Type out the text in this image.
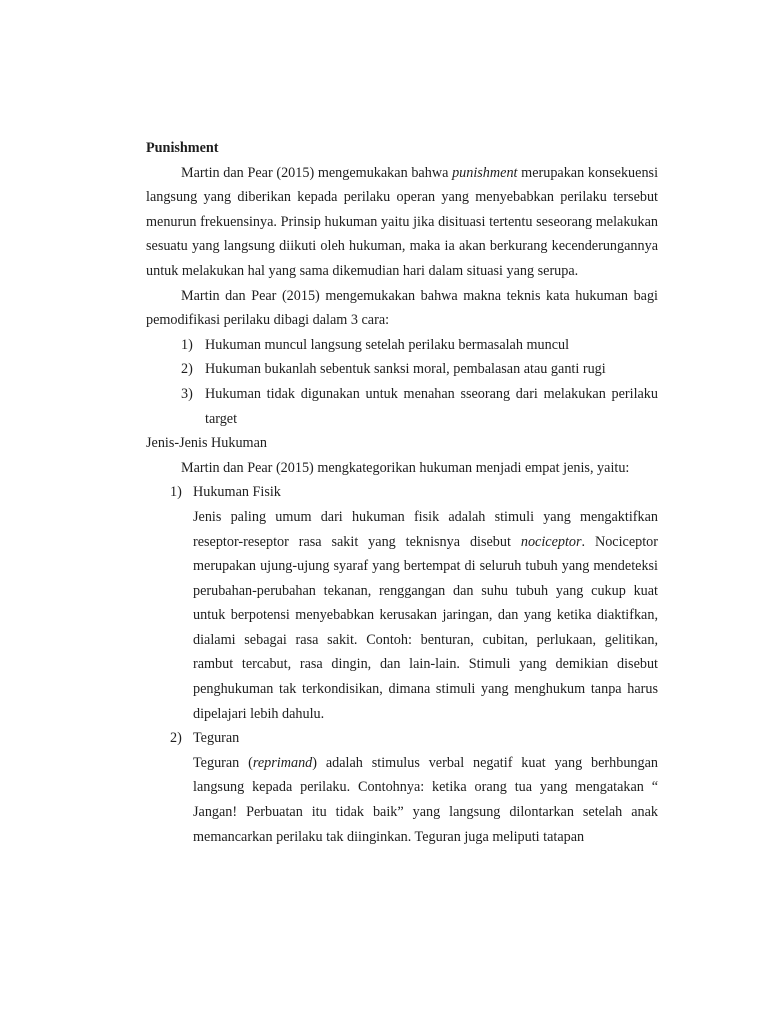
Punishment

Martin dan Pear (2015) mengemukakan bahwa punishment merupakan konsekuensi langsung yang diberikan kepada perilaku operan yang menyebabkan perilaku tersebut menurun frekuensinya. Prinsip hukuman yaitu jika disituasi tertentu seseorang melakukan sesuatu yang langsung diikuti oleh hukuman, maka ia akan berkurang kecenderungannya untuk melakukan hal yang sama dikemudian hari dalam situasi yang serupa.

Martin dan Pear (2015) mengemukakan bahwa makna teknis kata hukuman bagi pemodifikasi perilaku dibagi dalam 3 cara:

1) Hukuman muncul langsung setelah perilaku bermasalah muncul
2) Hukuman bukanlah sebentuk sanksi moral, pembalasan atau ganti rugi
3) Hukuman tidak digunakan untuk menahan sseorang dari melakukan perilaku target

Jenis-Jenis Hukuman

Martin dan Pear (2015) mengkategorikan hukuman menjadi empat jenis, yaitu:

1) Hukuman Fisik

Jenis paling umum dari hukuman fisik adalah stimuli yang mengaktifkan reseptor-reseptor rasa sakit yang teknisnya disebut nociceptor. Nociceptor merupakan ujung-ujung syaraf yang bertempat di seluruh tubuh yang mendeteksi perubahan-perubahan tekanan, renggangan dan suhu tubuh yang cukup kuat untuk berpotensi menyebabkan kerusakan jaringan, dan yang ketika diaktifkan, dialami sebagai rasa sakit. Contoh: benturan, cubitan, perlukaan, gelitikan, rambut tercabut, rasa dingin, dan lain-lain. Stimuli yang demikian disebut penghukuman tak terkondisikan, dimana stimuli yang menghukum tanpa harus dipelajari lebih dahulu.

2) Teguran

Teguran (reprimand) adalah stimulus verbal negatif kuat yang berhbungan langsung kepada perilaku. Contohnya: ketika orang tua yang mengatakan “ Jangan! Perbuatan itu tidak baik” yang langsung dilontarkan setelah anak memancarkan perilaku tak diinginkan. Teguran juga meliputi tatapan
